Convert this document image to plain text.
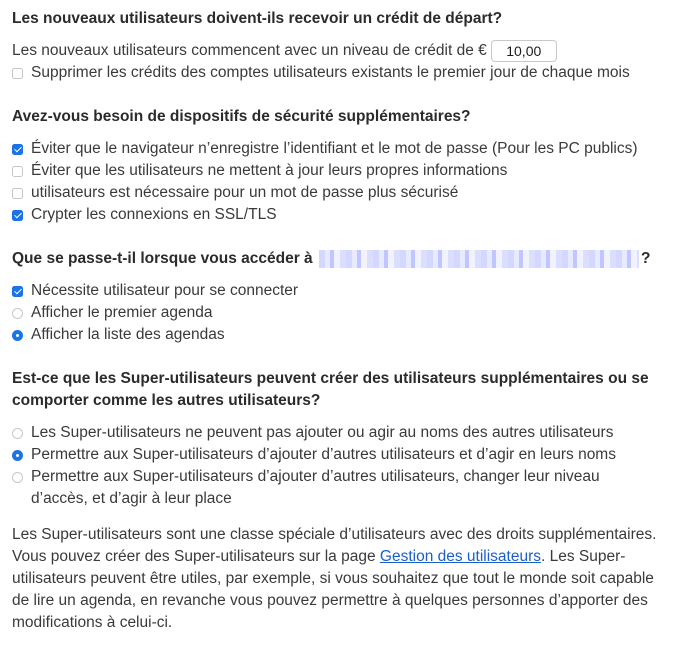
Les nouveaux utilisateurs doivent-ils recevoir un crédit de départ?

Les nouveaux utilisateurs commencent avec un niveau de crédit de €
10,00
Supprimer les crédits des comptes utilisateurs existants le premier jour de chaque mois

Avez-vous besoin de dispositifs de sécurité supplémentaires?

Éviter que le navigateur n’enregistre l’identifiant et le mot de passe (Pour les PC publics)
Éviter que les utilisateurs ne mettent à jour leurs propres informations
utilisateurs est nécessaire pour un mot de passe plus sécurisé
Crypter les connexions en SSL/TLS

Que se passe-t-il lorsque vous accéder à	?

Nécessite utilisateur pour se connecter
Afficher le premier agenda
Afficher la liste des agendas

Est-ce que les Super-utilisateurs peuvent créer des utilisateurs supplémentaires ou se comporter comme les autres utilisateurs?

Les Super-utilisateurs ne peuvent pas ajouter ou agir au noms des autres utilisateurs
Permettre aux Super-utilisateurs d’ajouter d’autres utilisateurs et d’agir en leurs noms
Permettre aux Super-utilisateurs d’ajouter d’autres utilisateurs, changer leur niveau d’accès, et d’agir à leur place

Les Super-utilisateurs sont une classe spéciale d’utilisateurs avec des droits supplémentaires. Vous pouvez créer des Super-utilisateurs sur la page Gestion des utilisateurs. Les Super-utilisateurs peuvent être utiles, par exemple, si vous souhaitez que tout le monde soit capable de lire un agenda, en revanche vous pouvez permettre à quelques personnes d’apporter des modifications à celui-ci.
